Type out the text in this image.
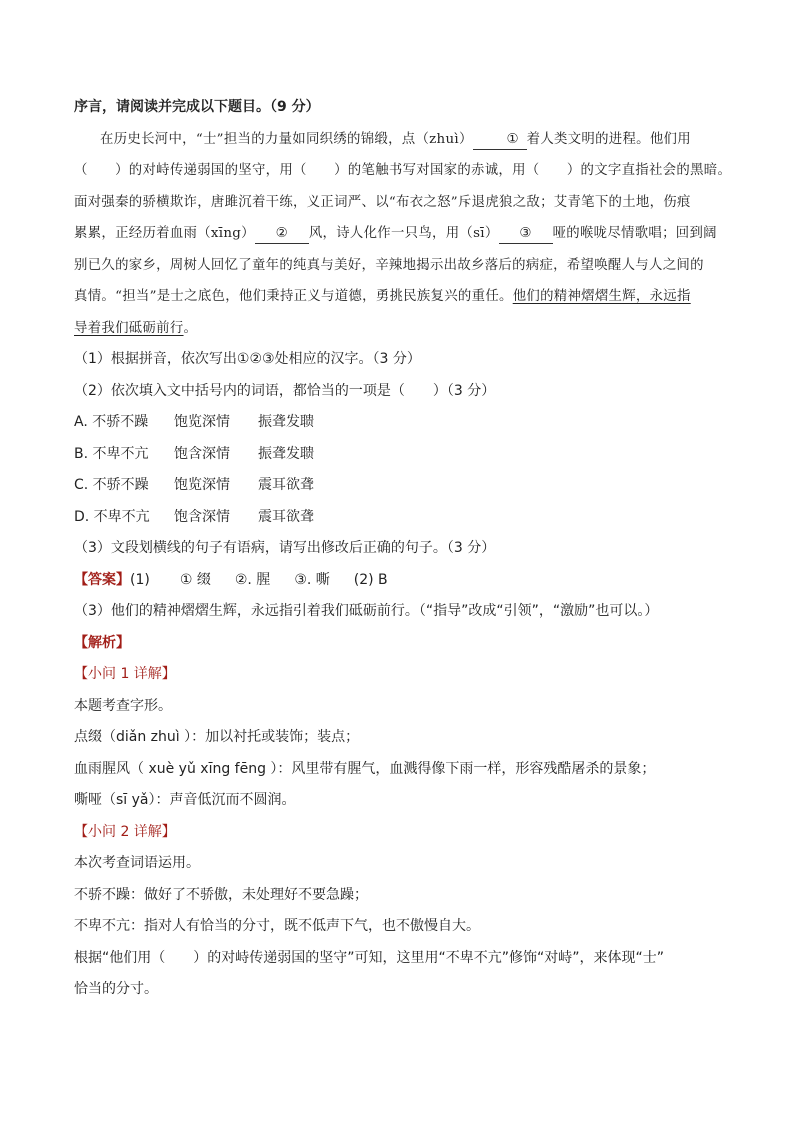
序言，请阅读并完成以下题目。（9 分）
在历史长河中，“士”担当的力量如同织绣的锦缎，点（zhuì）	① 着人类文明的进程。他们用
（　　）的对峙传递弱国的坚守，用（　　）的笔触书写对国家的赤诚，用（　　）的文字直指社会的黑暗。
面对强秦的骄横欺诈，唐雎沉着干练，义正词严、以“布衣之怒”斥退虎狼之敌；艾青笔下的土地，伤痕
累累，正经历着血雨（xīng） ② 风，诗人化作一只鸟，用（sī） ③ 哑的喉咙尽情歌唱；回到阔
别已久的家乡，周树人回忆了童年的纯真与美好，辛辣地揭示出故乡落后的病症，希望唤醒人与人之间的
真情。“担当”是士之底色，他们秉持正义与道德，勇挑民族复兴的重任。他们的精神熠熠生辉，永远指
导着我们砥砺前行。
（1）根据拼音，依次写出①②③处相应的汉字。（3 分）
（2）依次填入文中括号内的词语，都恰当的一项是（　　）（3 分）
A. 不骄不躁 饱览深情 振聋发聩
B. 不卑不亢 饱含深情 振聋发聩
C. 不骄不躁 饱览深情 震耳欲聋
D. 不卑不亢 饱含深情 震耳欲聋
（3）文段划横线的句子有语病，请写出修改后正确的句子。（3 分）
【答案】(1) ① 缀 ②. 腥 ③. 嘶 (2) B
（3）他们的精神熠熠生辉，永远指引着我们砥砺前行。（“指导”改成“引领”，“激励”也可以。）
【解析】
【小问 1 详解】
本题考查字形。
点缀（diǎn zhuì ）：加以衬托或装饰；装点；
血雨腥风（ xuè yǔ xīng fēng ）：风里带有腥气，血溅得像下雨一样，形容残酷屠杀的景象；
嘶哑（sī yǎ）：声音低沉而不圆润。
【小问 2 详解】
本次考查词语运用。
不骄不躁：做好了不骄傲，未处理好不要急躁；
不卑不亢：指对人有恰当的分寸，既不低声下气，也不傲慢自大。
根据“他们用（　　）的对峙传递弱国的坚守”可知，这里用“不卑不亢”修饰“对峙”，来体现“士”
恰当的分寸。
